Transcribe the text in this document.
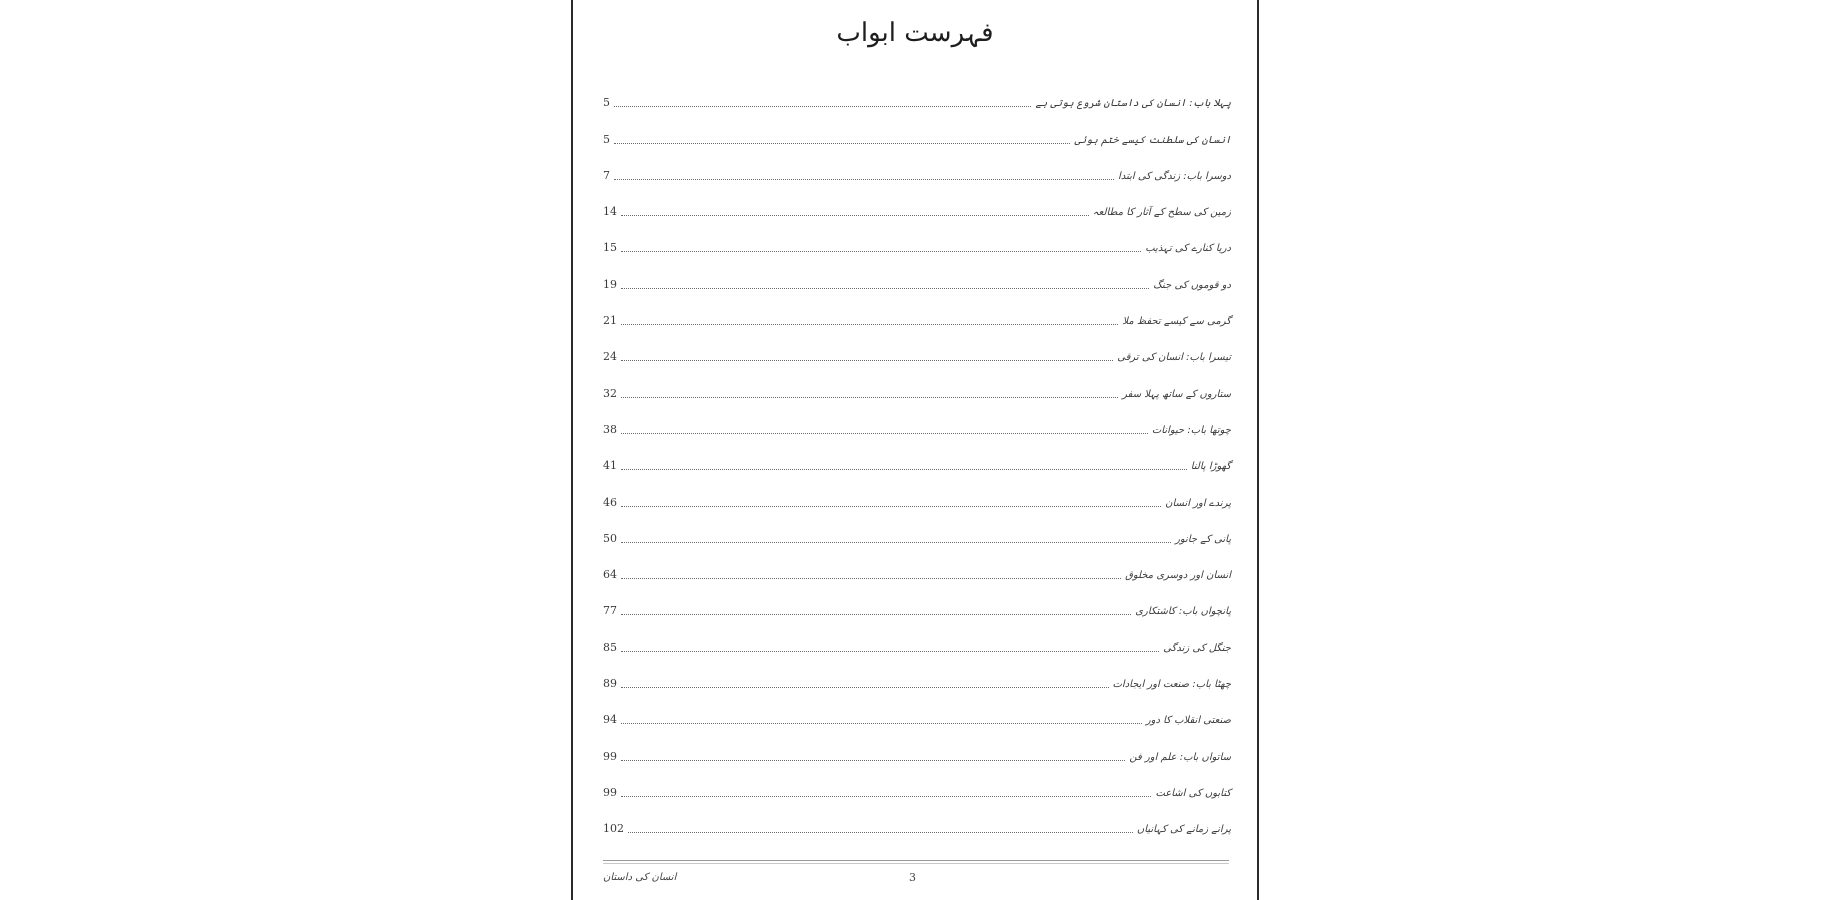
فہرست ابواب
5	پہلا باب: انسان کی داستان شروع ہوتی ہے
5	انسان کی سلطنت کیسے ختم ہوئی
7	دوسرا باب: زندگی کی ابتدا
14	زمین کی سطح کے آثار کا مطالعہ
15	دریا کنارے کی تہذیب
19	دو قوموں کی جنگ
21	گرمی سے کیسے تحفظ ملا
24	تیسرا باب: انسان کی ترقی
32	ستاروں کے ساتھ پہلا سفر
38	چوتھا باب: حیوانات
41	گھوڑا پالنا
46	پرندے اور انسان
50	پانی کے جانور
64	انسان اور دوسری مخلوق
77	پانچواں باب: کاشتکاری
85	جنگل کی زندگی
89	چھٹا باب: صنعت اور ایجادات
94	صنعتی انقلاب کا دور
99	ساتواں باب: علم اور فن
99	کتابوں کی اشاعت
102	پرانے زمانے کی کہانیاں
انسان کی داستان	3
